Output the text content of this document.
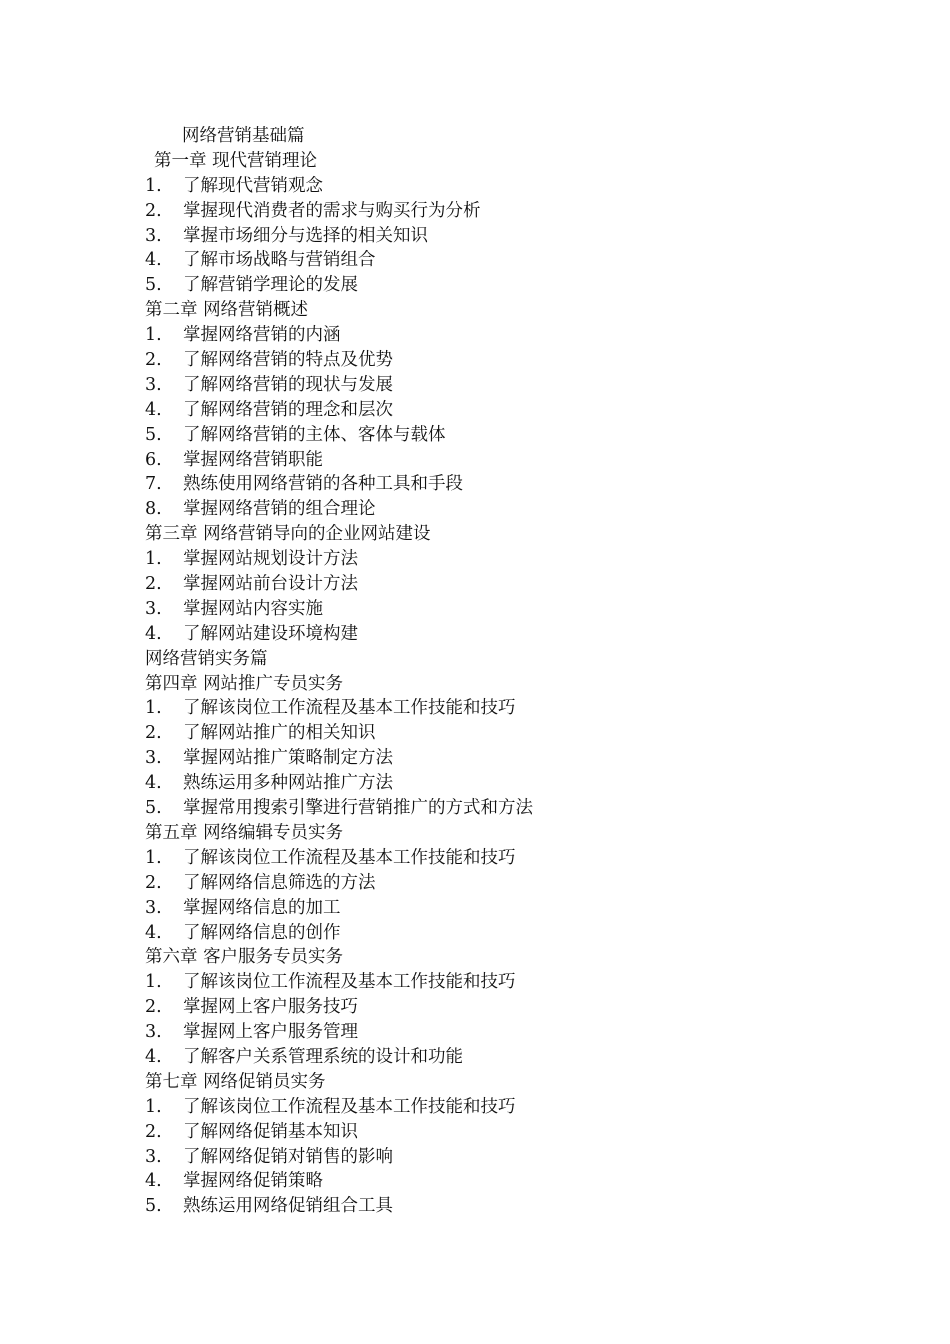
网络营销基础篇
第一章 现代营销理论
1. 了解现代营销观念
2. 掌握现代消费者的需求与购买行为分析
3. 掌握市场细分与选择的相关知识
4. 了解市场战略与营销组合
5. 了解营销学理论的发展
第二章 网络营销概述
1. 掌握网络营销的内涵
2. 了解网络营销的特点及优势
3. 了解网络营销的现状与发展
4. 了解网络营销的理念和层次
5. 了解网络营销的主体、客体与载体
6. 掌握网络营销职能
7. 熟练使用网络营销的各种工具和手段
8. 掌握网络营销的组合理论
第三章 网络营销导向的企业网站建设
1. 掌握网站规划设计方法
2. 掌握网站前台设计方法
3. 掌握网站内容实施
4. 了解网站建设环境构建
网络营销实务篇
第四章 网站推广专员实务
1. 了解该岗位工作流程及基本工作技能和技巧
2. 了解网站推广的相关知识
3. 掌握网站推广策略制定方法
4. 熟练运用多种网站推广方法
5. 掌握常用搜索引擎进行营销推广的方式和方法
第五章 网络编辑专员实务
1. 了解该岗位工作流程及基本工作技能和技巧
2. 了解网络信息筛选的方法
3. 掌握网络信息的加工
4. 了解网络信息的创作
第六章 客户服务专员实务
1. 了解该岗位工作流程及基本工作技能和技巧
2. 掌握网上客户服务技巧
3. 掌握网上客户服务管理
4. 了解客户关系管理系统的设计和功能
第七章 网络促销员实务
1. 了解该岗位工作流程及基本工作技能和技巧
2. 了解网络促销基本知识
3. 了解网络促销对销售的影响
4. 掌握网络促销策略
5. 熟练运用网络促销组合工具
